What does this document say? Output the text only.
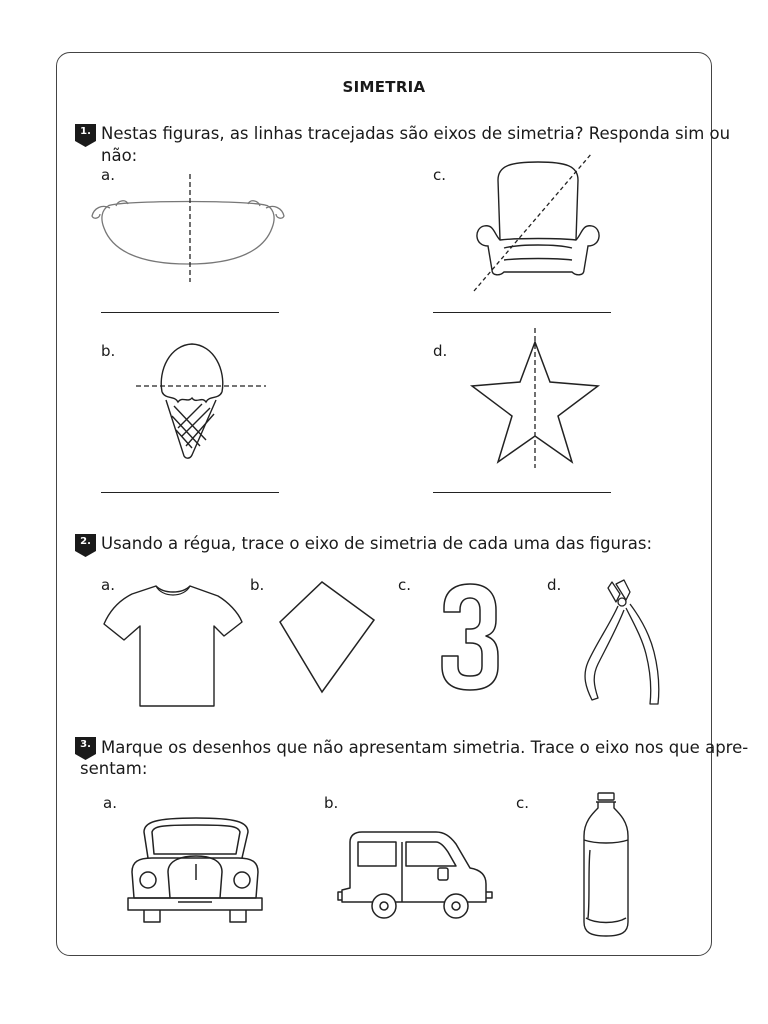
SIMETRIA
1. Nestas figuras, as linhas tracejadas são eixos de simetria? Responda sim ou não:
a.
b.
c.
d.
2. Usando a régua, trace o eixo de simetria de cada uma das figuras:
a.	b.	c.	d.
3. Marque os desenhos que não apresentam simetria. Trace o eixo nos que apre-
sentam:
a.	b.	c.
